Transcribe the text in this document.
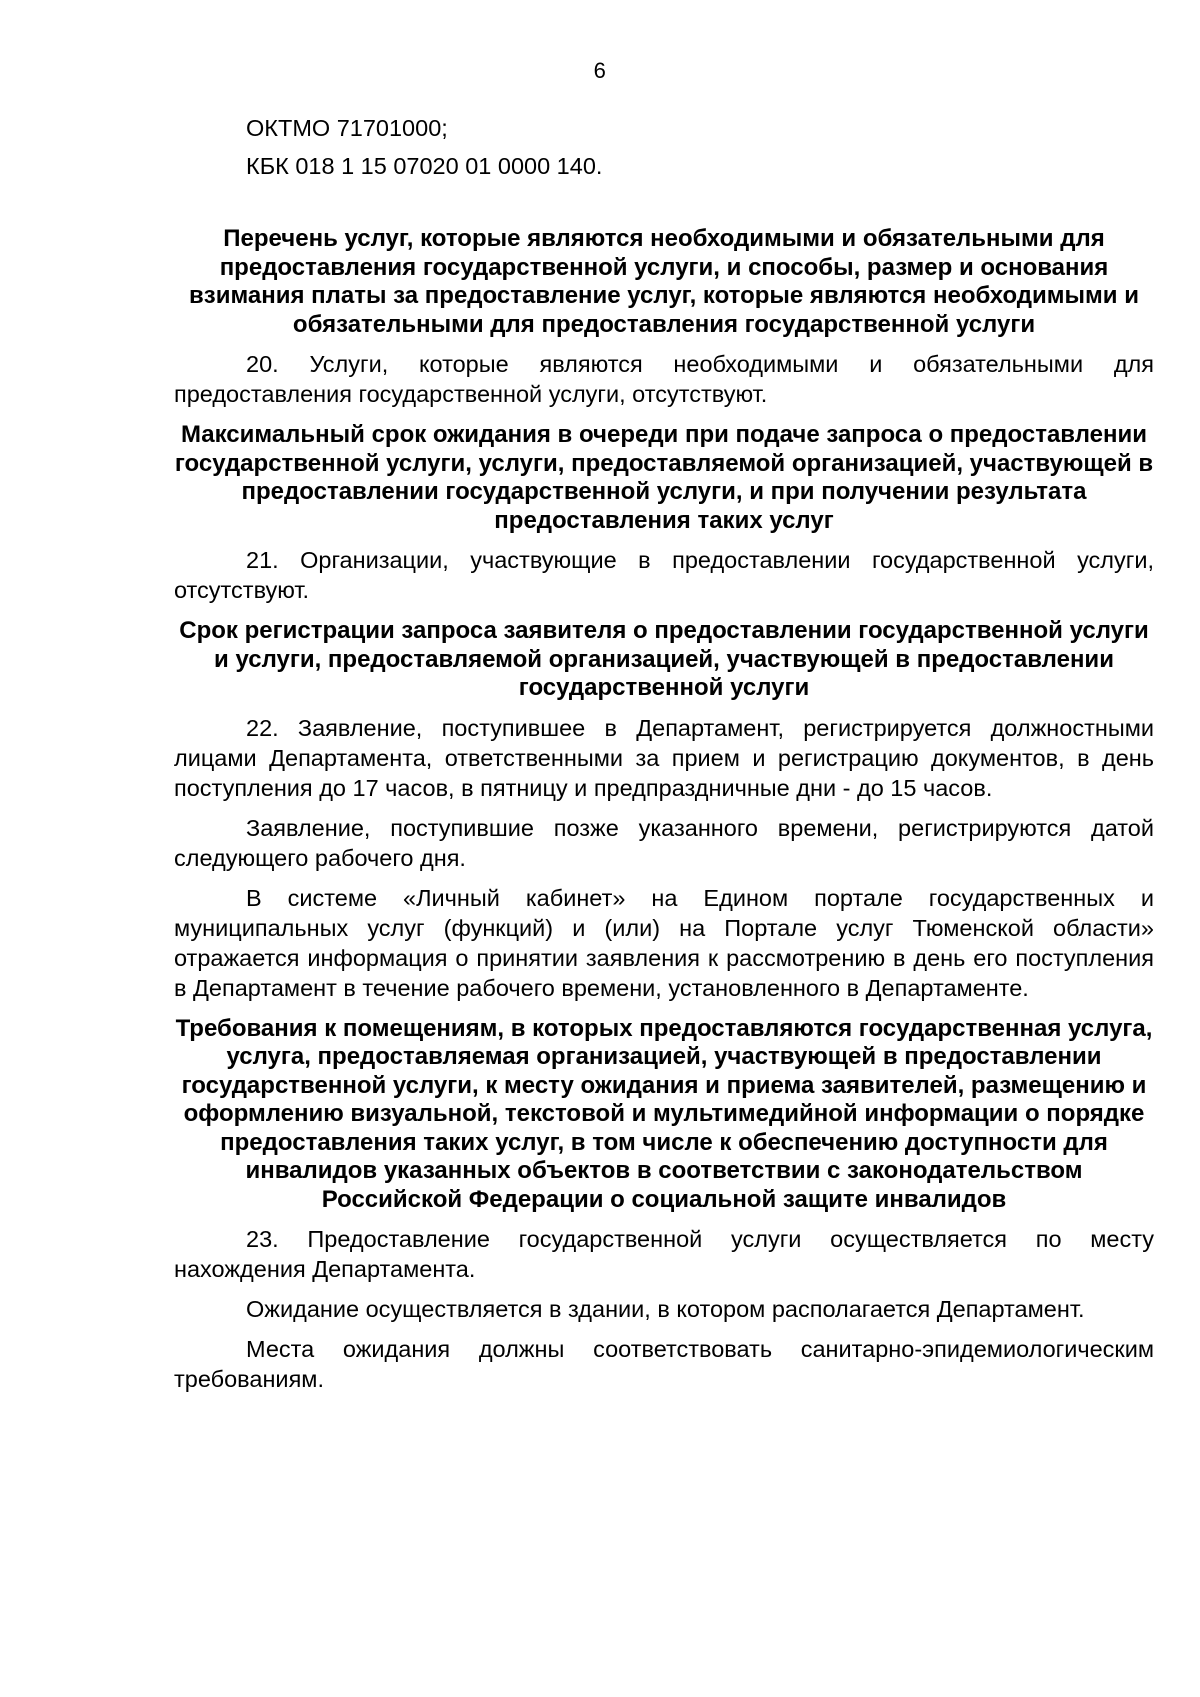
6

ОКТМО 71701000;

КБК 018 1 15 07020 01 0000 140.

Перечень услуг, которые являются необходимыми и обязательными для предоставления государственной услуги, и способы, размер и основания взимания платы за предоставление услуг, которые являются необходимыми и обязательными для предоставления государственной услуги

20. Услуги, которые являются необходимыми и обязательными для предоставления государственной услуги, отсутствуют.

Максимальный срок ожидания в очереди при подаче запроса о предоставлении государственной услуги, услуги, предоставляемой организацией, участвующей в предоставлении государственной услуги, и при получении результата предоставления таких услуг

21. Организации, участвующие в предоставлении государственной услуги, отсутствуют.

Срок регистрации запроса заявителя о предоставлении государственной услуги и услуги, предоставляемой организацией, участвующей в предоставлении государственной услуги

22. Заявление, поступившее в Департамент, регистрируется должностными лицами Департамента, ответственными за прием и регистрацию документов, в день поступления до 17 часов, в пятницу и предпраздничные дни - до 15 часов.

Заявление, поступившие позже указанного времени, регистрируются датой следующего рабочего дня.

В системе «Личный кабинет» на Едином портале государственных и муниципальных услуг (функций) и (или) на Портале услуг Тюменской области» отражается информация о принятии заявления к рассмотрению в день его поступления в Департамент в течение рабочего времени, установленного в Департаменте.

Требования к помещениям, в которых предоставляются государственная услуга, услуга, предоставляемая организацией, участвующей в предоставлении государственной услуги, к месту ожидания и приема заявителей, размещению и оформлению визуальной, текстовой и мультимедийной информации о порядке предоставления таких услуг, в том числе к обеспечению доступности для инвалидов указанных объектов в соответствии с законодательством Российской Федерации о социальной защите инвалидов

23. Предоставление государственной услуги осуществляется по месту нахождения Департамента.

Ожидание осуществляется в здании, в котором располагается Департамент.

Места ожидания должны соответствовать санитарно-эпидемиологическим требованиям.
